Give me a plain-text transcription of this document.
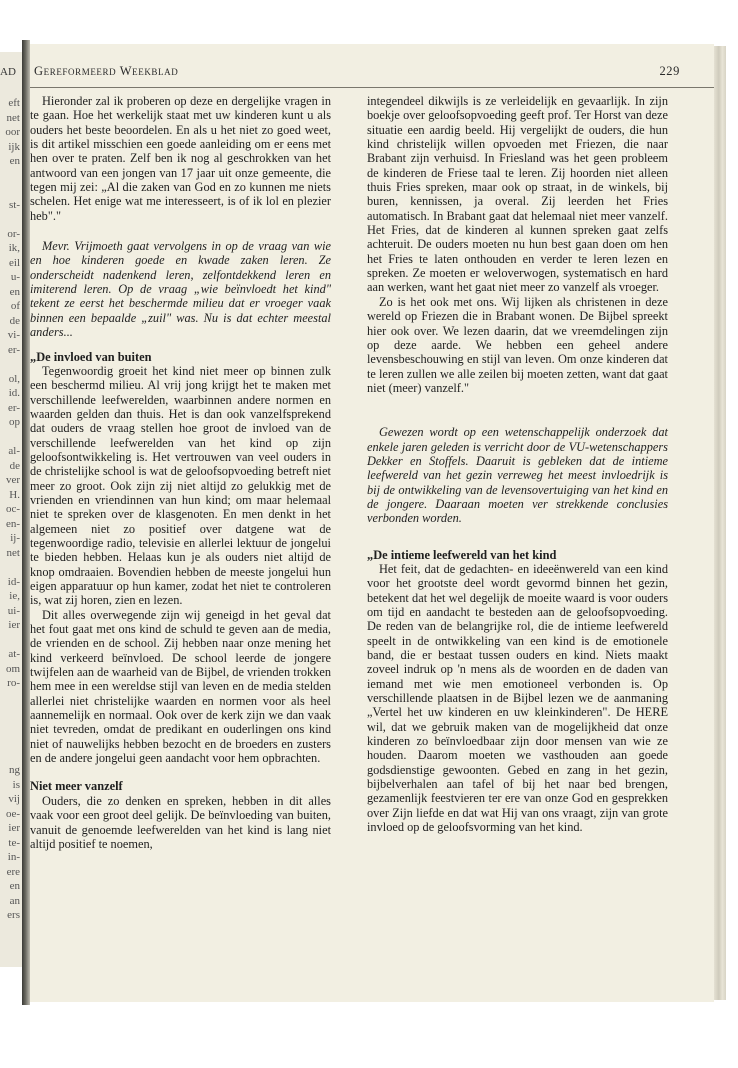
AD
eft
net
oor
ijk
en
st-
or-
ik,
eil
u-
en
of
de
vi-
er-
ol,
id.
er-
op
al-
de
ver
H.
oc-
en-
ij-
net
id-
ie,
ui-
ier
at-
om
ro-
ng
is
vij
oe-
ier
te-
in-
ere
en
an
ers
Gereformeerd Weekblad	229

Hieronder zal ik proberen op deze en dergelijke vragen in te gaan. Hoe het werkelijk staat met uw kinderen kunt u als ouders het beste beoordelen. En als u het niet zo goed weet, is dit artikel misschien een goede aanleiding om er eens met hen over te praten. Zelf ben ik nog al geschrokken van het antwoord van een jongen van 17 jaar uit onze gemeente, die tegen mij zei: „Al die zaken van God en zo kunnen me niets schelen. Het enige wat me interesseert, is of ik lol en plezier heb"."

Mevr. Vrijmoeth gaat vervolgens in op de vraag van wie en hoe kinderen goede en kwade zaken leren. Ze onderscheidt nadenkend leren, zelfontdekkend leren en imiterend leren. Op de vraag „wie beïnvloedt het kind" tekent ze eerst het beschermde milieu dat er vroeger vaak binnen een bepaalde „zuil" was. Nu is dat echter meestal anders...

„De invloed van buiten

Tegenwoordig groeit het kind niet meer op binnen zulk een beschermd milieu. Al vrij jong krijgt het te maken met verschillende leefwerelden, waarbinnen andere normen en waarden gelden dan thuis. Het is dan ook vanzelfsprekend dat ouders de vraag stellen hoe groot de invloed van de verschillende leefwerelden van het kind op zijn geloofsontwikkeling is. Het vertrouwen van veel ouders in de christelijke school is wat de geloofsopvoeding betreft niet meer zo groot. Ook zijn zij niet altijd zo gelukkig met de vrienden en vriendinnen van hun kind; om maar helemaal niet te spreken over de klasgenoten. En men denkt in het algemeen niet zo positief over datgene wat de tegenwoordige radio, televisie en allerlei lektuur de jongelui te bieden hebben. Helaas kun je als ouders niet altijd de knop omdraaien. Bovendien hebben de meeste jongelui hun eigen apparatuur op hun kamer, zodat het niet te controleren is, wat zij horen, zien en lezen.

Dit alles overwegende zijn wij geneigd in het geval dat het fout gaat met ons kind de schuld te geven aan de media, de vrienden en de school. Zij hebben naar onze mening het kind verkeerd beïnvloed. De school leerde de jongere twijfelen aan de waarheid van de Bijbel, de vrienden trokken hem mee in een wereldse stijl van leven en de media stelden allerlei niet christelijke waarden en normen voor als heel aannemelijk en normaal. Ook over de kerk zijn we dan vaak niet tevreden, omdat de predikant en ouderlingen ons kind niet of nauwelijks hebben bezocht en de broeders en zusters en de andere jongelui geen aandacht voor hem opbrachten.

Niet meer vanzelf

Ouders, die zo denken en spreken, hebben in dit alles vaak voor een groot deel gelijk. De beïnvloeding van buiten, vanuit de genoemde leefwerelden van het kind is lang niet altijd positief te noemen,

integendeel dikwijls is ze verleidelijk en gevaarlijk. In zijn boekje over geloofsopvoeding geeft prof. Ter Horst van deze situatie een aardig beeld. Hij vergelijkt de ouders, die hun kind christelijk willen opvoeden met Friezen, die naar Brabant zijn verhuisd. In Friesland was het geen probleem de kinderen de Friese taal te leren. Zij hoorden niet alleen thuis Fries spreken, maar ook op straat, in de winkels, bij buren, kennissen, ja overal. Zij leerden het Fries automatisch. In Brabant gaat dat helemaal niet meer vanzelf. Het Fries, dat de kinderen al kunnen spreken gaat zelfs achteruit. De ouders moeten nu hun best gaan doen om hen het Fries te laten onthouden en verder te leren lezen en spreken. Ze moeten er weloverwogen, systematisch en hard aan werken, want het gaat niet meer zo vanzelf als vroeger.

Zo is het ook met ons. Wij lijken als christenen in deze wereld op Friezen die in Brabant wonen. De Bijbel spreekt hier ook over. We lezen daarin, dat we vreemdelingen zijn op deze aarde. We hebben een geheel andere levensbeschouwing en stijl van leven. Om onze kinderen dat te leren zullen we alle zeilen bij moeten zetten, want dat gaat niet (meer) vanzelf."

Gewezen wordt op een wetenschappelijk onderzoek dat enkele jaren geleden is verricht door de VU-wetenschappers Dekker en Stoffels. Daaruit is gebleken dat de intieme leefwereld van het gezin verreweg het meest invloedrijk is bij de ontwikkeling van de levensovertuiging van het kind en de jongere. Daaraan moeten ver strekkende conclusies verbonden worden.

„De intieme leefwereld van het kind

Het feit, dat de gedachten- en ideeënwereld van een kind voor het grootste deel wordt gevormd binnen het gezin, betekent dat het wel degelijk de moeite waard is voor ouders om tijd en aandacht te besteden aan de geloofsopvoeding. De reden van de belangrijke rol, die de intieme leefwereld speelt in de ontwikkeling van een kind is de emotionele band, die er bestaat tussen ouders en kind. Niets maakt zoveel indruk op 'n mens als de woorden en de daden van iemand met wie men emotioneel verbonden is. Op verschillende plaatsen in de Bijbel lezen we de aanmaning „Vertel het uw kinderen en uw kleinkinderen". De HERE wil, dat we gebruik maken van de mogelijkheid dat onze kinderen zo beïnvloedbaar zijn door mensen van wie ze houden. Daarom moeten we vasthouden aan goede godsdienstige gewoonten. Gebed en zang in het gezin, bijbelverhalen aan tafel of bij het naar bed brengen, gezamenlijk feestvieren ter ere van onze God en gesprekken over Zijn liefde en dat wat Hij van ons vraagt, zijn van grote invloed op de geloofsvorming van het kind.
